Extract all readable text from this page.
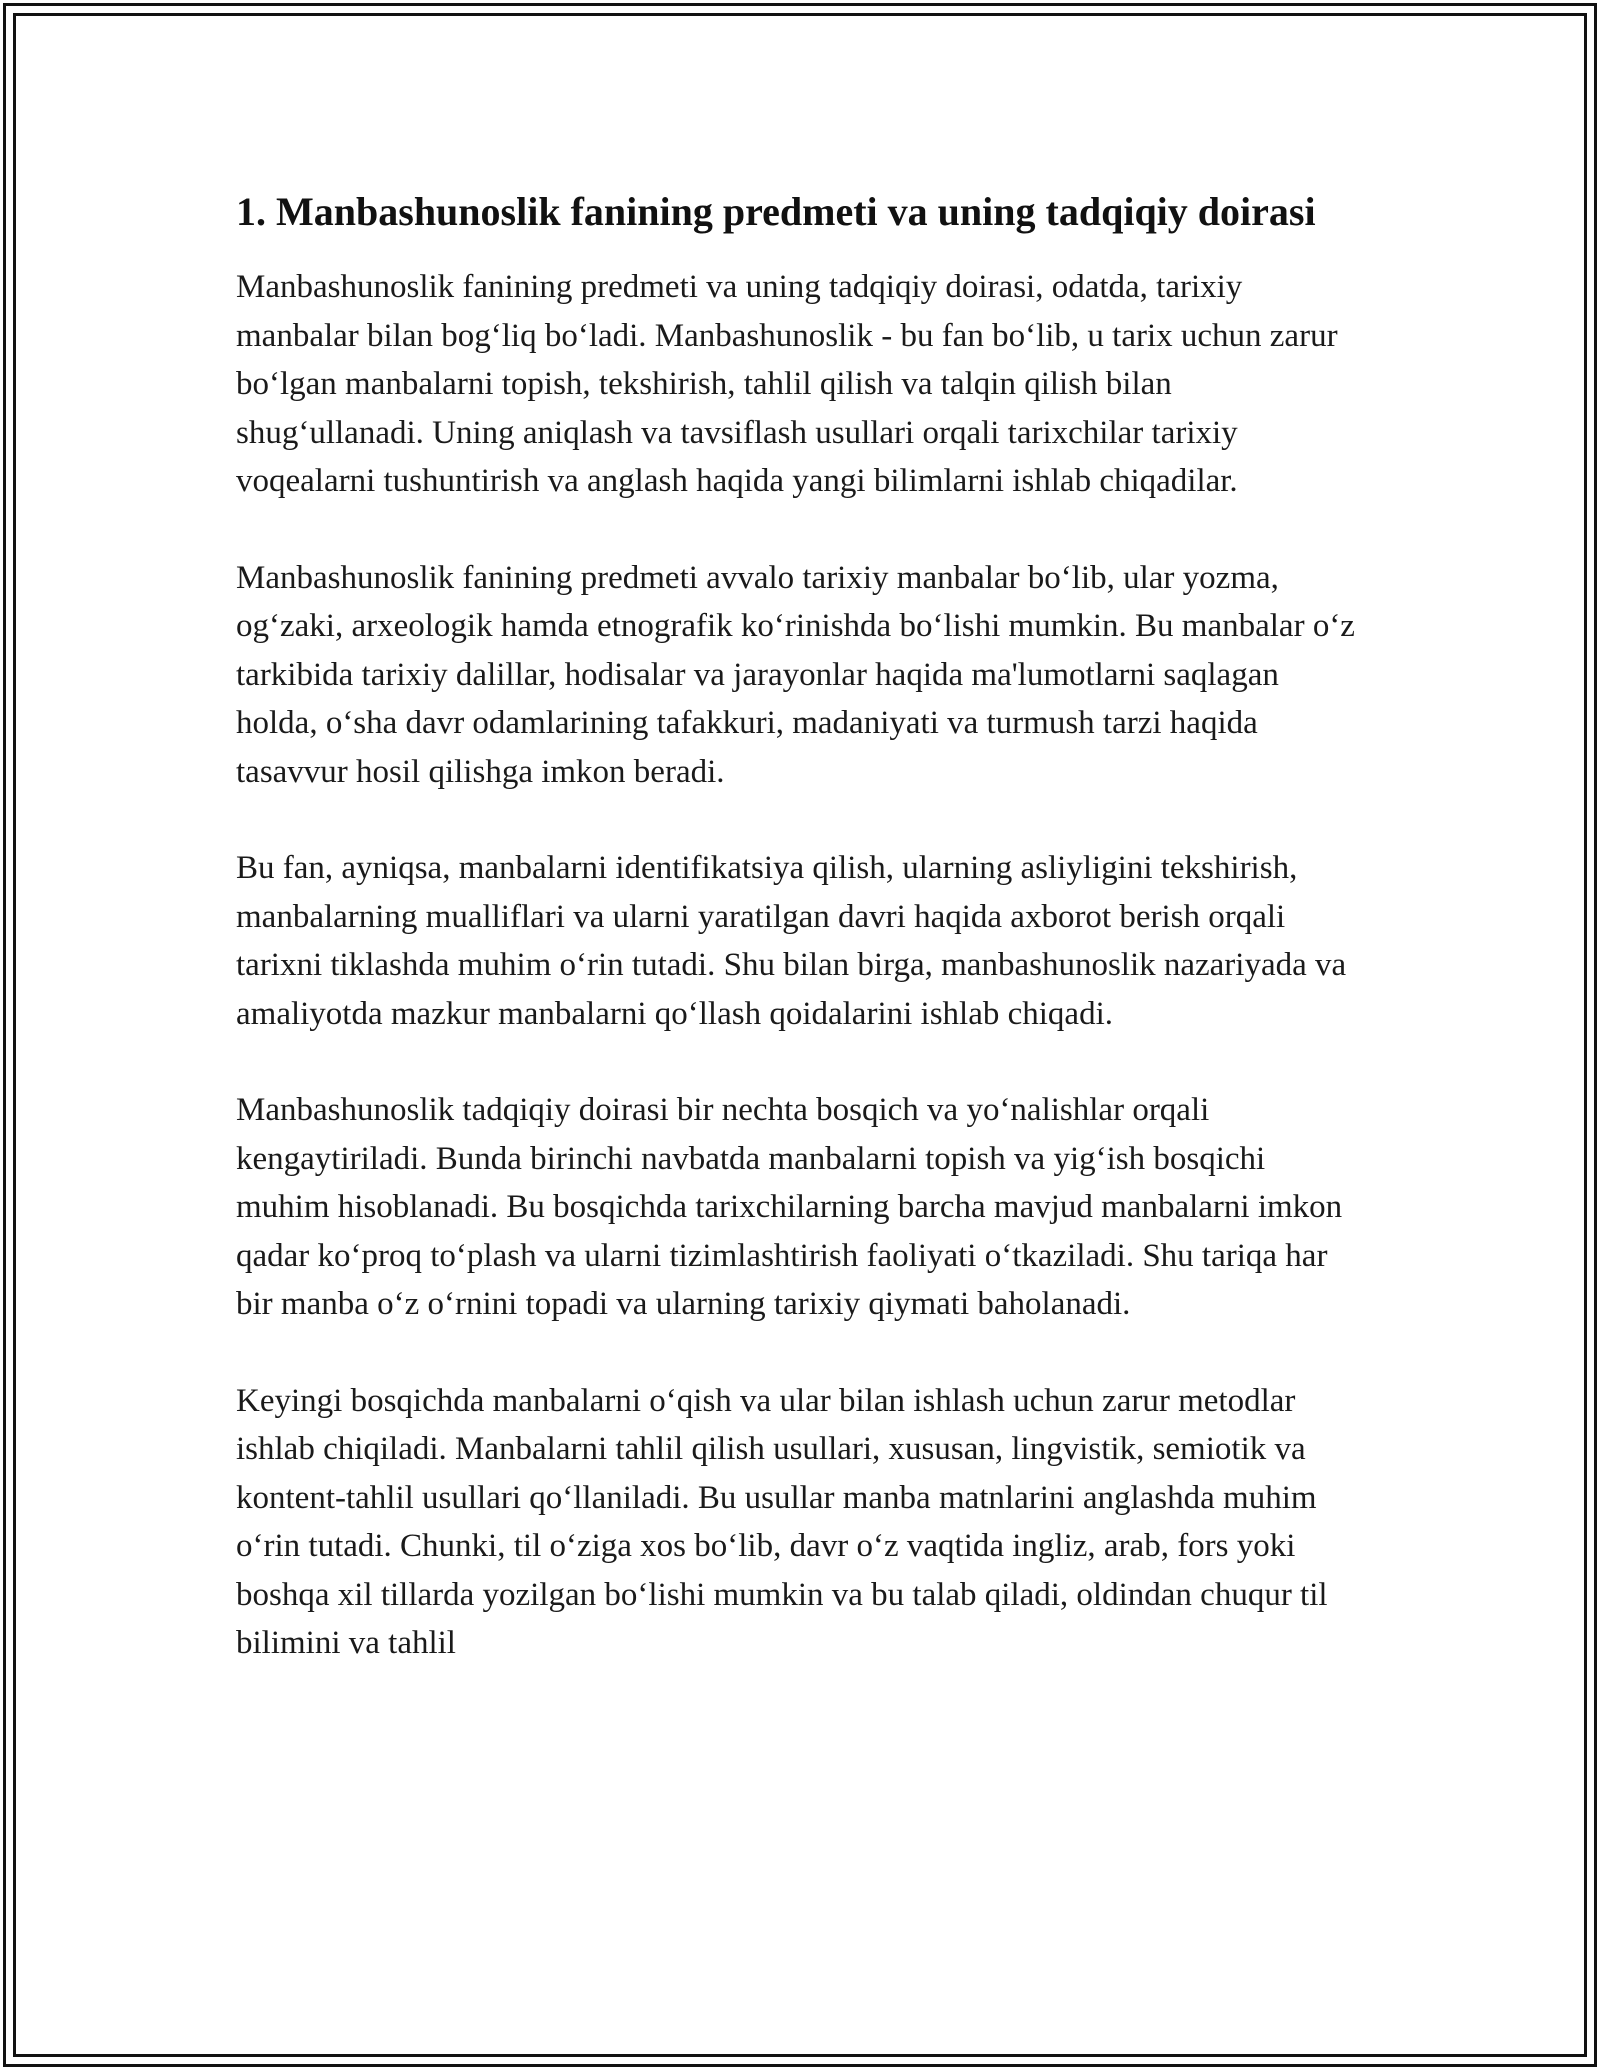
1. Manbashunoslik fanining predmeti va uning tadqiqiy doirasi

Manbashunoslik fanining predmeti va uning tadqiqiy doirasi, odatda, tarixiy manbalar bilan bog‘liq bo‘ladi. Manbashunoslik - bu fan bo‘lib, u tarix uchun zarur bo‘lgan manbalarni topish, tekshirish, tahlil qilish va talqin qilish bilan shug‘ullanadi. Uning aniqlash va tavsiflash usullari orqali tarixchilar tarixiy voqealarni tushuntirish va anglash haqida yangi bilimlarni ishlab chiqadilar.

Manbashunoslik fanining predmeti avvalo tarixiy manbalar bo‘lib, ular yozma, og‘zaki, arxeologik hamda etnografik ko‘rinishda bo‘lishi mumkin. Bu manbalar o‘z tarkibida tarixiy dalillar, hodisalar va jarayonlar haqida ma'lumotlarni saqlagan holda, o‘sha davr odamlarining tafakkuri, madaniyati va turmush tarzi haqida tasavvur hosil qilishga imkon beradi.

Bu fan, ayniqsa, manbalarni identifikatsiya qilish, ularning asliyligini tekshirish, manbalarning mualliflari va ularni yaratilgan davri haqida axborot berish orqali tarixni tiklashda muhim o‘rin tutadi. Shu bilan birga, manbashunoslik nazariyada va amaliyotda mazkur manbalarni qo‘llash qoidalarini ishlab chiqadi.

Manbashunoslik tadqiqiy doirasi bir nechta bosqich va yo‘nalishlar orqali kengaytiriladi. Bunda birinchi navbatda manbalarni topish va yig‘ish bosqichi muhim hisoblanadi. Bu bosqichda tarixchilarning barcha mavjud manbalarni imkon qadar ko‘proq to‘plash va ularni tizimlashtirish faoliyati o‘tkaziladi. Shu tariqa har bir manba o‘z o‘rnini topadi va ularning tarixiy qiymati baholanadi.

Keyingi bosqichda manbalarni o‘qish va ular bilan ishlash uchun zarur metodlar ishlab chiqiladi. Manbalarni tahlil qilish usullari, xususan, lingvistik, semiotik va kontent-tahlil usullari qo‘llaniladi. Bu usullar manba matnlarini anglashda muhim o‘rin tutadi. Chunki, til o‘ziga xos bo‘lib, davr o‘z vaqtida ingliz, arab, fors yoki boshqa xil tillarda yozilgan bo‘lishi mumkin va bu talab qiladi, oldindan chuqur til bilimini va tahlil
